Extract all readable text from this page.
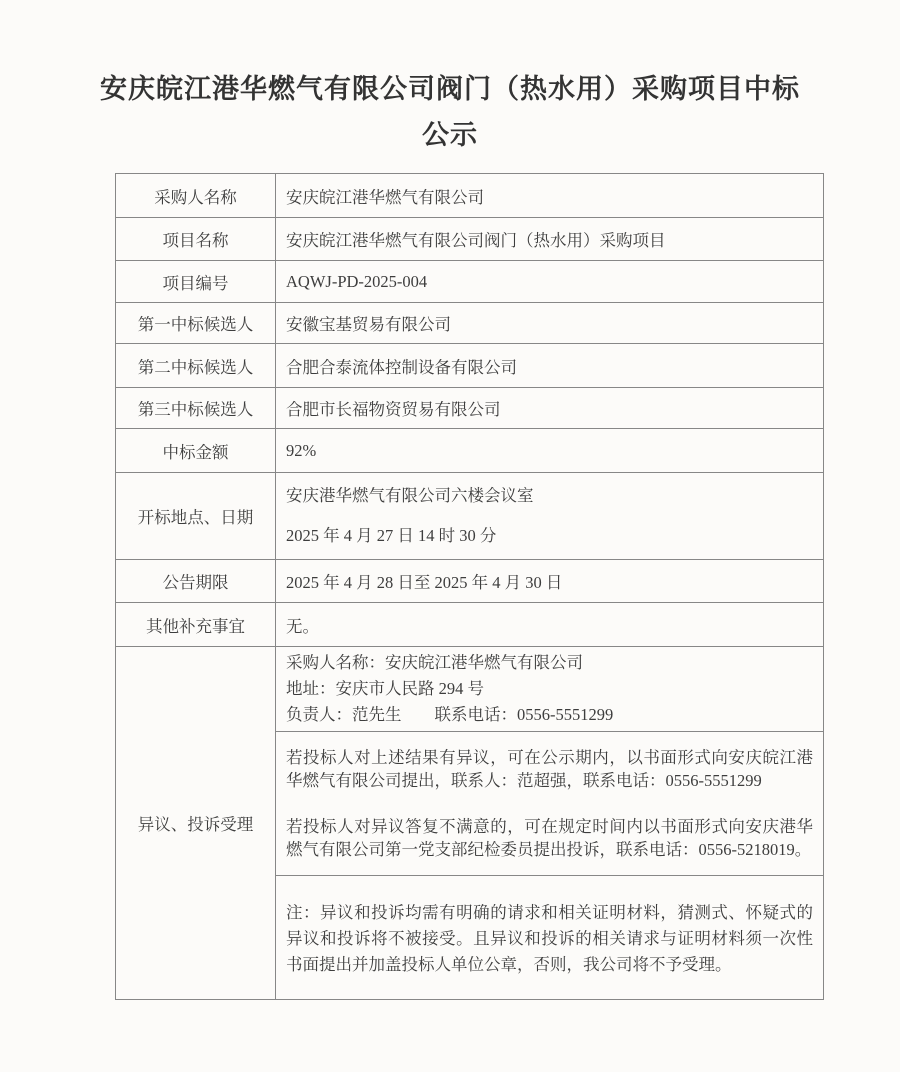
安庆皖江港华燃气有限公司阀门（热水用）采购项目中标
公示
采购人名称	安庆皖江港华燃气有限公司
项目名称	安庆皖江港华燃气有限公司阀门（热水用）采购项目
项目编号	AQWJ-PD-2025-004
第一中标候选人	安徽宝基贸易有限公司
第二中标候选人	合肥合泰流体控制设备有限公司
第三中标候选人	合肥市长福物资贸易有限公司
中标金额	92%
开标地点、日期	安庆港华燃气有限公司六楼会议室
2025 年 4 月 27 日 14 时 30 分

公告期限	2025 年 4 月 28 日至 2025 年 4 月 30 日
其他补充事宜	无。
异议、投诉受理	采购人名称：安庆皖江港华燃气有限公司
地址：安庆市人民路 294 号
负责人：范先生　　联系电话：0556-5551299

	若投标人对上述结果有异议，可在公示期内，以书面形式向安庆皖江港华燃气有限公司提出，联系人：范超强，联系电话：0556-5551299

若投标人对异议答复不满意的，可在规定时间内以书面形式向安庆港华燃气有限公司第一党支部纪检委员提出投诉，联系电话：0556-5218019。

	注：异议和投诉均需有明确的请求和相关证明材料，猜测式、怀疑式的异议和投诉将不被接受。且异议和投诉的相关请求与证明材料须一次性书面提出并加盖投标人单位公章，否则，我公司将不予受理。
